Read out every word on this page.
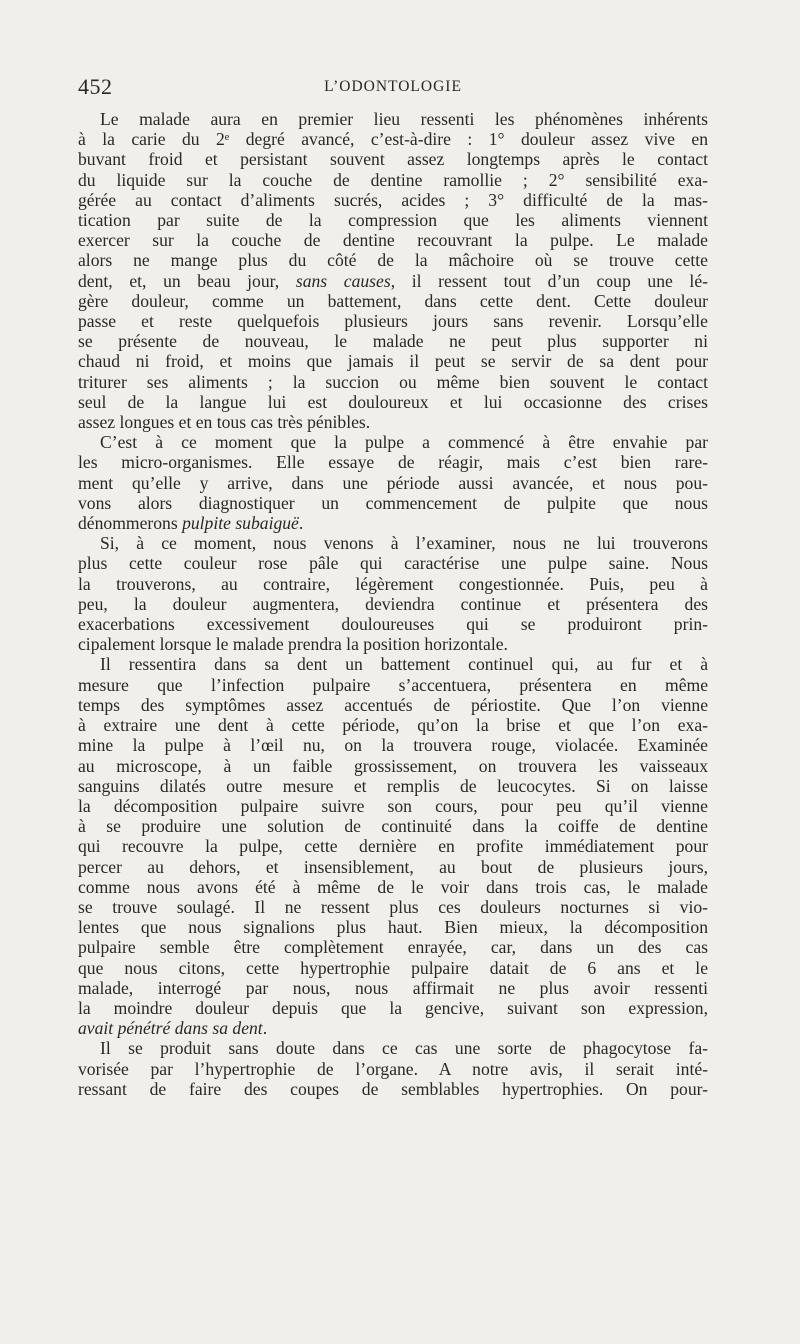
452	L’ODONTOLOGIE
Le malade aura en premier lieu ressenti les phénomènes inhérents
à la carie du 2ᵉ degré avancé, c’est-à-dire : 1° douleur assez vive en
buvant froid et persistant souvent assez longtemps après le contact
du liquide sur la couche de dentine ramollie ; 2° sensibilité exa-
gérée au contact d’aliments sucrés, acides ; 3° difficulté de la mas-
tication par suite de la compression que les aliments viennent
exercer sur la couche de dentine recouvrant la pulpe. Le malade
alors ne mange plus du côté de la mâchoire où se trouve cette
dent, et, un beau jour, sans causes, il ressent tout d’un coup une lé-
gère douleur, comme un battement, dans cette dent. Cette douleur
passe et reste quelquefois plusieurs jours sans revenir. Lorsqu’elle
se présente de nouveau, le malade ne peut plus supporter ni
chaud ni froid, et moins que jamais il peut se servir de sa dent pour
triturer ses aliments ; la succion ou même bien souvent le contact
seul de la langue lui est douloureux et lui occasionne des crises
assez longues et en tous cas très pénibles.
C’est à ce moment que la pulpe a commencé à être envahie par
les micro-organismes. Elle essaye de réagir, mais c’est bien rare-
ment qu’elle y arrive, dans une période aussi avancée, et nous pou-
vons alors diagnostiquer un commencement de pulpite que nous
dénommerons pulpite subaiguë.
Si, à ce moment, nous venons à l’examiner, nous ne lui trouverons
plus cette couleur rose pâle qui caractérise une pulpe saine. Nous
la trouverons, au contraire, légèrement congestionnée. Puis, peu à
peu, la douleur augmentera, deviendra continue et présentera des
exacerbations excessivement douloureuses qui se produiront prin-
cipalement lorsque le malade prendra la position horizontale.
Il ressentira dans sa dent un battement continuel qui, au fur et à
mesure que l’infection pulpaire s’accentuera, présentera en même
temps des symptômes assez accentués de périostite. Que l’on vienne
à extraire une dent à cette période, qu’on la brise et que l’on exa-
mine la pulpe à l’œil nu, on la trouvera rouge, violacée. Examinée
au microscope, à un faible grossissement, on trouvera les vaisseaux
sanguins dilatés outre mesure et remplis de leucocytes. Si on laisse
la décomposition pulpaire suivre son cours, pour peu qu’il vienne
à se produire une solution de continuité dans la coiffe de dentine
qui recouvre la pulpe, cette dernière en profite immédiatement pour
percer au dehors, et insensiblement, au bout de plusieurs jours,
comme nous avons été à même de le voir dans trois cas, le malade
se trouve soulagé. Il ne ressent plus ces douleurs nocturnes si vio-
lentes que nous signalions plus haut. Bien mieux, la décomposition
pulpaire semble être complètement enrayée, car, dans un des cas
que nous citons, cette hypertrophie pulpaire datait de 6 ans et le
malade, interrogé par nous, nous affirmait ne plus avoir ressenti
la moindre douleur depuis que la gencive, suivant son expression,
avait pénétré dans sa dent.
Il se produit sans doute dans ce cas une sorte de phagocytose fa-
vorisée par l’hypertrophie de l’organe. A notre avis, il serait inté-
ressant de faire des coupes de semblables hypertrophies. On pour-
